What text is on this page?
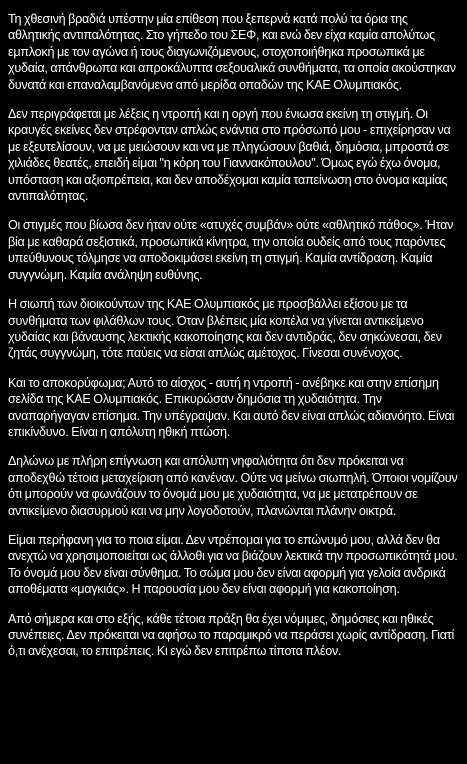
Τη χθεσινή βραδιά υπέστην μία επίθεση που ξεπερνά κατά πολύ τα όρια της αθλητικής αντιπαλότητας. Στο γήπεδο του ΣΕΦ, και ενώ δεν είχα καμία απολύτως εμπλοκή με τον αγώνα ή τους διαγωνιζόμενους, στοχοποιήθηκα προσωπικά με χυδαία, απάνθρωπα και απροκάλυπτα σεξουαλικά συνθήματα, τα οποία ακούστηκαν δυνατά και επαναλαμβανόμενα από μερίδα οπαδών της ΚΑΕ Ολυμπιακός.

Δεν περιγράφεται με λέξεις η ντροπή και η οργή που ένιωσα εκείνη τη στιγμή. Οι κραυγές εκείνες δεν στρέφονταν απλώς ενάντια στο πρόσωπό μου - επιχείρησαν να με εξευτελίσουν, να με μειώσουν και να με πληγώσουν βαθιά, δημόσια, μπροστά σε χιλιάδες θεατές, επειδή είμαι "η κόρη του Γιαννακόπουλου". Όμως εγώ έχω όνομα, υπόσταση και αξιοπρέπεια, και δεν αποδέχομαι καμία ταπείνωση στο όνομα καμίας αντιπαλότητας.

Οι στιγμές που βίωσα δεν ήταν ούτε «ατυχές συμβάν» ούτε «αθλητικό πάθος». Ήταν βία με καθαρά σεξιστικά, προσωπικά κίνητρα, την οποία ουδείς από τους παρόντες υπεύθυνους τόλμησε να αποδοκιμάσει εκείνη τη στιγμή. Καμία αντίδραση. Καμία συγγνώμη. Καμία ανάληψη ευθύνης.

Η σιωπή των διοικούντων της ΚΑΕ Ολυμπιακός με προσβάλλει εξίσου με τα συνθήματα των φιλάθλων τους. Όταν βλέπεις μία κοπέλα να γίνεται αντικείμενο χυδαίας και βάναυσης λεκτικής κακοποίησης και δεν αντιδράς, δεν σηκώνεσαι, δεν ζητάς συγγνώμη, τότε παύεις να είσαι απλώς αμέτοχος. Γίνεσαι συνένοχος.

Και το αποκορύφωμα; Αυτό το αίσχος - αυτή η ντροπή - ανέβηκε και στην επίσημη σελίδα της ΚΑΕ Ολυμπιακός. Επικυρώσαν δημόσια τη χυδαιότητα. Την αναπαρήγαγαν επίσημα. Την υπέγραψαν. Και αυτό δεν είναι απλώς αδιανόητο. Είναι επικίνδυνο. Είναι η απόλυτη ηθική πτώση.

Δηλώνω με πλήρη επίγνωση και απόλυτη νηφαλιότητα ότι δεν πρόκειται να αποδεχθώ τέτοια μεταχείριση από κανέναν. Ούτε να μείνω σιωπηλή. Όποιοι νομίζουν ότι μπορούν να φωνάζουν το όνομά μου με χυδαιότητα, να με μετατρέπουν σε αντικείμενο διασυρμού και να μην λογοδοτούν, πλανώνται πλάνην οικτρά.

Είμαι περήφανη για το ποια είμαι. Δεν ντρέπομαι για το επώνυμό μου, αλλά δεν θα ανεχτώ να χρησιμοποιείται ως άλλοθι για να βιάζουν λεκτικά την προσωπικότητά μου. Το όνομά μου δεν είναι σύνθημα. Το σώμα μου δεν είναι αφορμή για γελοία ανδρικά αποθέματα «μαγκιάς». Η παρουσία μου δεν είναι αφορμή για κακοποίηση.

Από σήμερα και στο εξής, κάθε τέτοια πράξη θα έχει νόμιμες, δημόσιες και ηθικές συνέπειες. Δεν πρόκειται να αφήσω το παραμικρό να περάσει χωρίς αντίδραση. Γιατί ό,τι ανέχεσαι, το επιτρέπεις. Κι εγώ δεν επιτρέπω τίποτα πλέον.
